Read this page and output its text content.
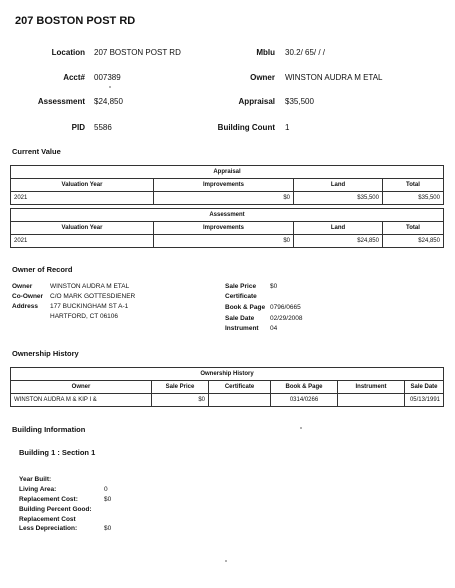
207 BOSTON POST RD
Location 207 BOSTON POST RD	Mblu 30.2/ 65/ / /
Acct# 007389	Owner WINSTON AUDRA M ETAL
Assessment $24,850	Appraisal $35,500
PID 5586	Building Count 1
Current Value
Appraisal			
Valuation Year	Improvements	Land	Total
2021	$0	$35,500	$35,500
Assessment			
Valuation Year	Improvements	Land	Total
2021	$0	$24,850	$24,850
Owner of Record
Owner	WINSTON AUDRA M ETAL
Co-Owner C/O MARK GOTTESDIENER
Address 177 BUCKINGHAM ST A-1
HARTFORD, CT 06106
Sale Price $0
Certificate
Book & Page 0796/0665
Sale Date 02/29/2008
Instrument 04
Ownership History
Ownership History					
Owner	Sale Price	Certificate	Book & Page	Instrument	Sale Date
WINSTON AUDRA M & KIP I &	$0		0314/0266		05/13/1991
Building Information
Building 1 : Section 1
Year Built:
Living Area:	0
Replacement Cost:	$0
Building Percent Good:
Replacement Cost
Less Depreciation:	$0
